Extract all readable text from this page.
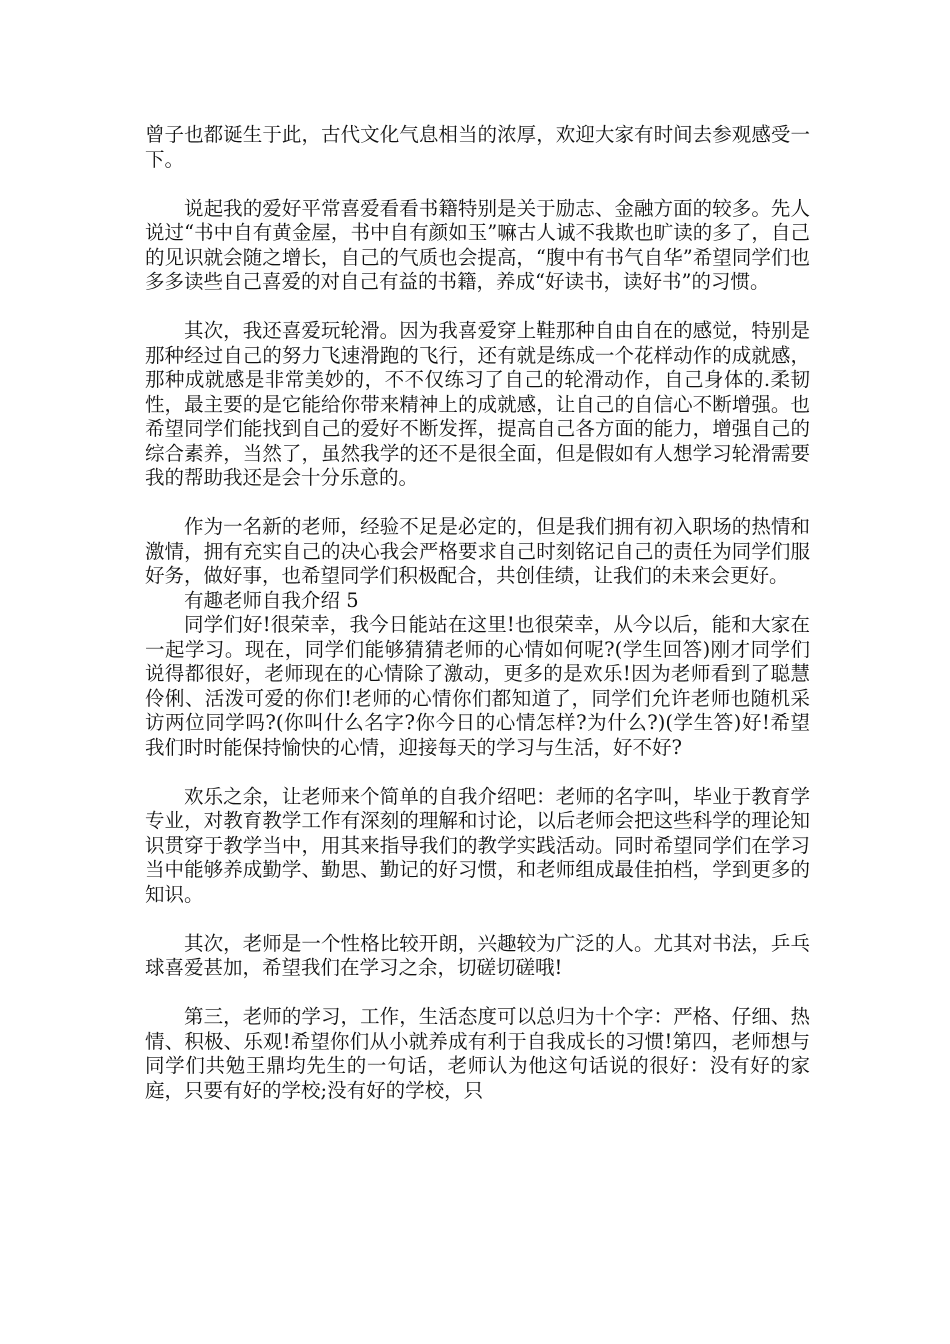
曾子也都诞生于此，古代文化气息相当的浓厚，欢迎大家有时间去参观感受一下。

说起我的爱好平常喜爱看看书籍特别是关于励志、金融方面的较多。先人说过“书中自有黄金屋，书中自有颜如玉”嘛古人诚不我欺也旷读的多了，自己的见识就会随之增长，自己的气质也会提高，“腹中有书气自华”希望同学们也多多读些自己喜爱的对自己有益的书籍，养成“好读书，读好书”的习惯。

其次，我还喜爱玩轮滑。因为我喜爱穿上鞋那种自由自在的感觉，特别是那种经过自己的努力飞速滑跑的飞行，还有就是练成一个花样动作的成就感，那种成就感是非常美妙的，不不仅练习了自己的轮滑动作，自己身体的.柔韧性，最主要的是它能给你带来精神上的成就感，让自己的自信心不断增强。也希望同学们能找到自己的爱好不断发挥，提高自己各方面的能力，增强自己的综合素养，当然了，虽然我学的还不是很全面，但是假如有人想学习轮滑需要我的帮助我还是会十分乐意的。

作为一名新的老师，经验不足是必定的，但是我们拥有初入职场的热情和激情，拥有充实自己的决心我会严格要求自己时刻铭记自己的责任为同学们服好务，做好事，也希望同学们积极配合，共创佳绩，让我们的未来会更好。

有趣老师自我介绍 5

同学们好!很荣幸，我今日能站在这里!也很荣幸，从今以后，能和大家在一起学习。现在，同学们能够猜猜老师的心情如何呢?(学生回答)刚才同学们说得都很好，老师现在的心情除了激动，更多的是欢乐!因为老师看到了聪慧伶俐、活泼可爱的你们!老师的心情你们都知道了，同学们允许老师也随机采访两位同学吗?(你叫什么名字?你今日的心情怎样?为什么?)(学生答)好!希望我们时时能保持愉快的心情，迎接每天的学习与生活，好不好?

欢乐之余，让老师来个简单的自我介绍吧：老师的名字叫，毕业于教育学专业，对教育教学工作有深刻的理解和讨论，以后老师会把这些科学的理论知识贯穿于教学当中，用其来指导我们的教学实践活动。同时希望同学们在学习当中能够养成勤学、勤思、勤记的好习惯，和老师组成最佳拍档，学到更多的知识。

其次，老师是一个性格比较开朗，兴趣较为广泛的人。尤其对书法，乒乓球喜爱甚加，希望我们在学习之余，切磋切磋哦!

第三，老师的学习，工作，生活态度可以总归为十个字：严格、仔细、热情、积极、乐观!希望你们从小就养成有利于自我成长的习惯!第四，老师想与同学们共勉王鼎均先生的一句话，老师认为他这句话说的很好：没有好的家庭，只要有好的学校;没有好的学校，只
